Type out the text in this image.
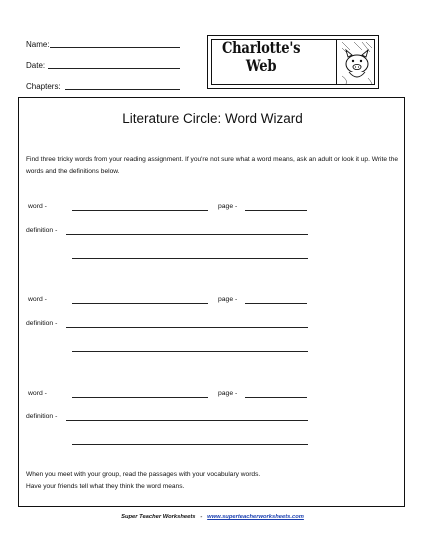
Name:
Date:
Chapters:
Charlotte's
Web
Literature Circle: Word Wizard
Find three tricky words from your reading assignment. If you're not sure what a word means, ask an adult or look it up. Write the words and the definitions below.
word -	page -
definition -
word -	page -
definition -
word -	page -
definition -
When you meet with your group, read the passages with your vocabulary words.
Have your friends tell what they think the word means.
Super Teacher Worksheets - www.superteacherworksheets.com
